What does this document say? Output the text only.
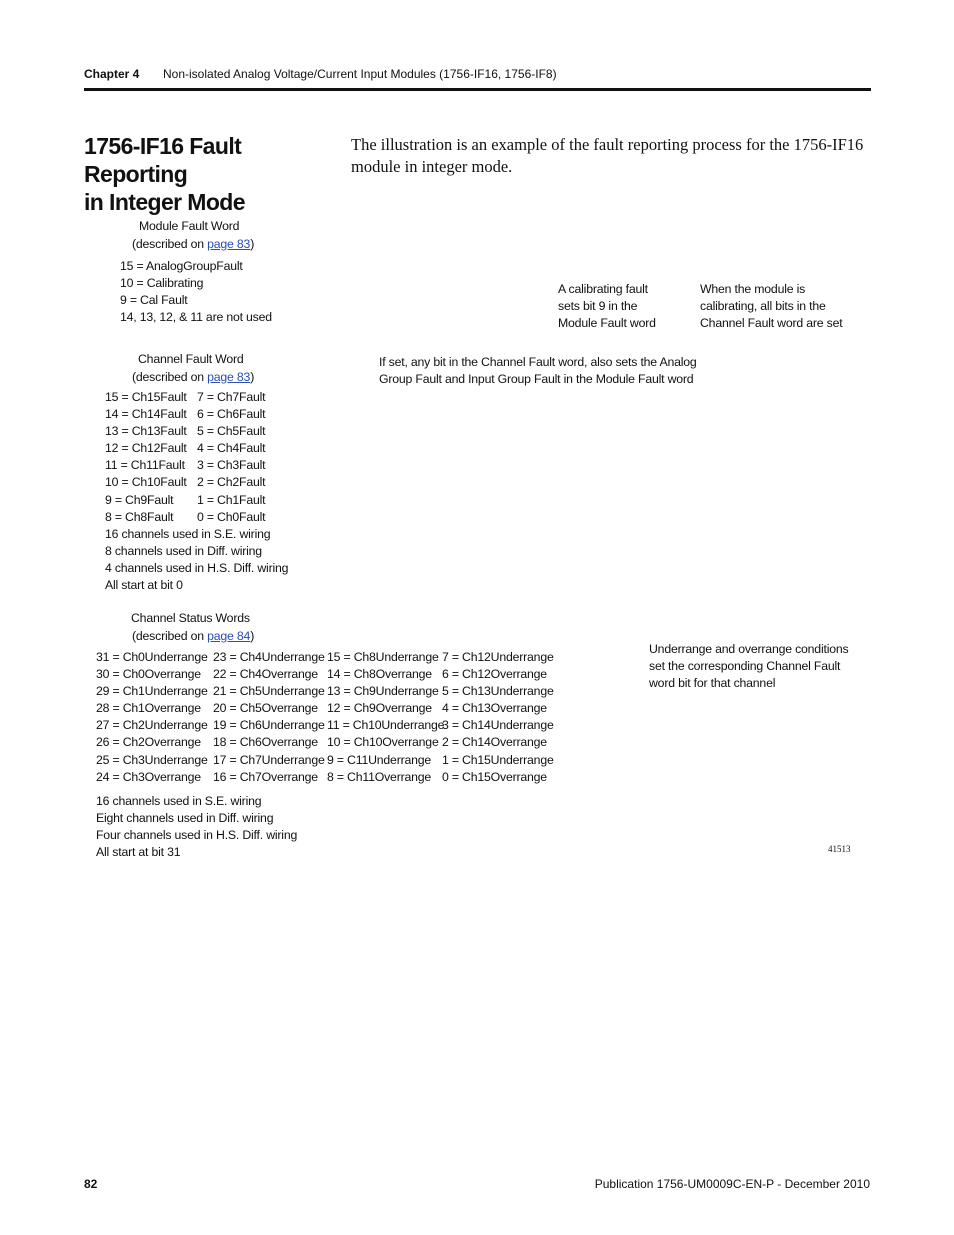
Chapter 4 Non-isolated Analog Voltage/Current Input Modules (1756-IF16, 1756-IF8)
1756-IF16 Fault Reporting
in Integer Mode
The illustration is an example of the fault reporting process for the 1756-IF16 module in integer mode.
Module Fault Word
(described on page 83)
15 = AnalogGroupFault
10 = Calibrating
9 = Cal Fault
14, 13, 12, & 11 are not used
Channel Fault Word
(described on page 83)
15 = Ch15Fault
14 = Ch14Fault
13 = Ch13Fault
12 = Ch12Fault
11 = Ch11Fault
10 = Ch10Fault
9 = Ch9Fault
8 = Ch8Fault
16 channels used in S.E. wiring
8 channels used in Diff. wiring
4 channels used in H.S. Diff. wiring
All start at bit 0
7 = Ch7Fault
6 = Ch6Fault
5 = Ch5Fault
4 = Ch4Fault
3 = Ch3Fault
2 = Ch2Fault
1 = Ch1Fault
0 = Ch0Fault
Channel Status Words
(described on page 84)
31 = Ch0Underrange
30 = Ch0Overrange
29 = Ch1Underrange
28 = Ch1Overrange
27 = Ch2Underrange
26 = Ch2Overrange
25 = Ch3Underrange
24 = Ch3Overrange
23 = Ch4Underrange
22 = Ch4Overrange
21 = Ch5Underrange
20 = Ch5Overrange
19 = Ch6Underrange
18 = Ch6Overrange
17 = Ch7Underrange
16 = Ch7Overrange
15 = Ch8Underrange
14 = Ch8Overrange
13 = Ch9Underrange
12 = Ch9Overrange
11 = Ch10Underrange
10 = Ch10Overrange
9 = C11Underrange
8 = Ch11Overrange
7 = Ch12Underrange
6 = Ch12Overrange
5 = Ch13Underrange
4 = Ch13Overrange
3 = Ch14Underrange
2 = Ch14Overrange
1 = Ch15Underrange
0 = Ch15Overrange
16 channels used in S.E. wiring
Eight channels used in Diff. wiring
Four channels used in H.S. Diff. wiring
All start at bit 31
A calibrating fault
sets bit 9 in the
Module Fault word
When the module is
calibrating, all bits in the
Channel Fault word are set
If set, any bit in the Channel Fault word, also sets the Analog
Group Fault and Input Group Fault in the Module Fault word
Underrange and overrange conditions
set the corresponding Channel Fault
word bit for that channel
41513
82	Publication 1756-UM0009C-EN-P - December 2010
